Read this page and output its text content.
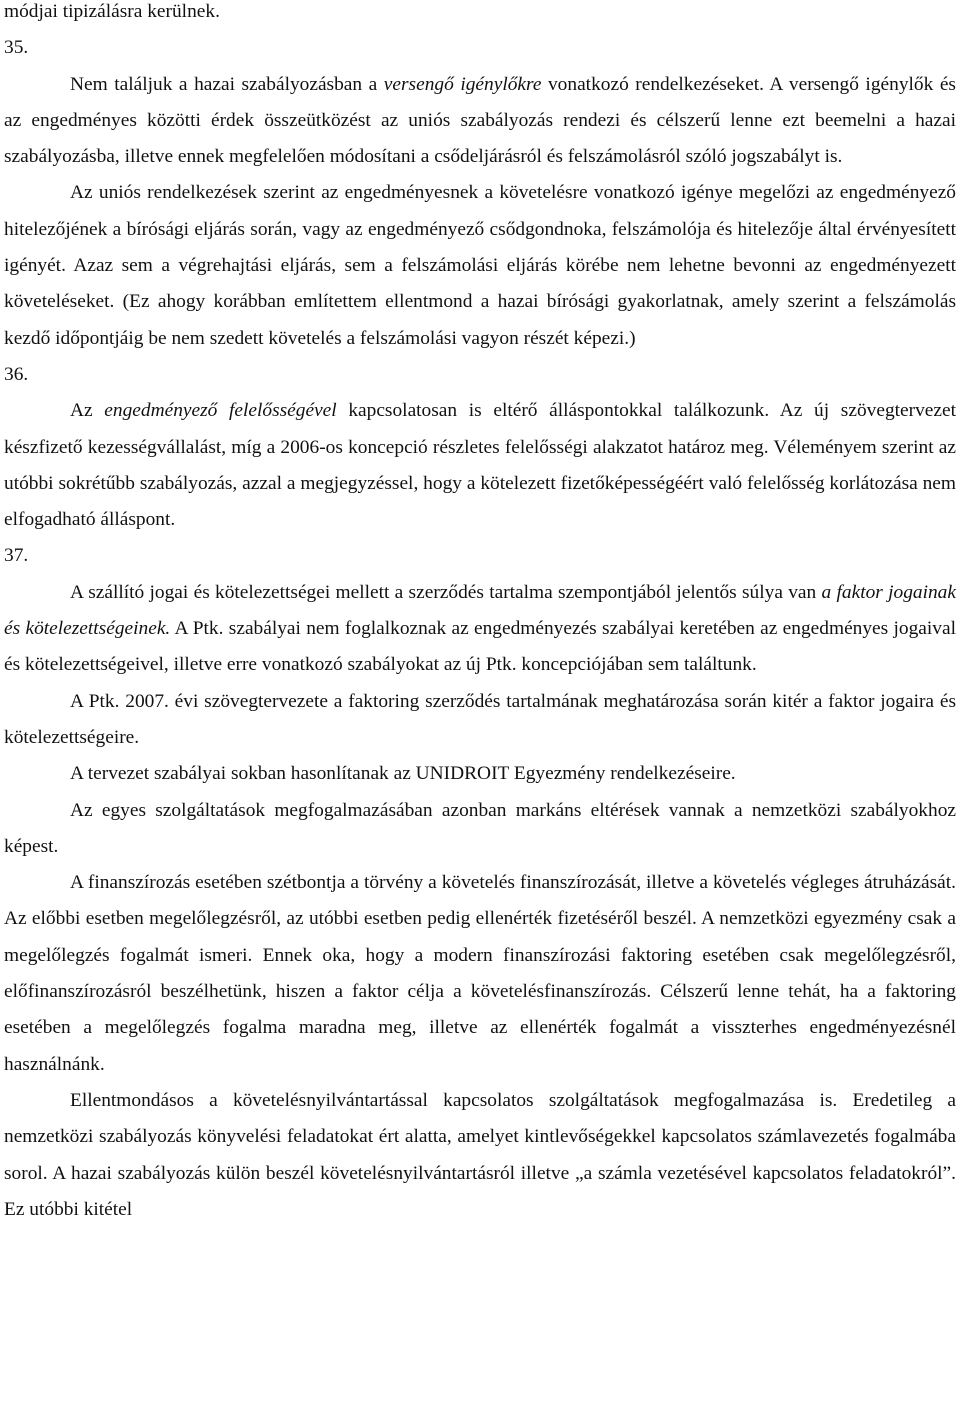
módjai tipizálásra kerülnek.

35.

Nem találjuk a hazai szabályozásban a versengő igénylőkre vonatkozó rendelkezéseket. A versengő igénylők és az engedményes közötti érdek összeütközést az uniós szabályozás rendezi és célszerű lenne ezt beemelni a hazai szabályozásba, illetve ennek megfelelően módosítani a csődeljárásról és felszámolásról szóló jogszabályt is.

Az uniós rendelkezések szerint az engedményesnek a követelésre vonatkozó igénye megelőzi az engedményező hitelezőjének a bírósági eljárás során, vagy az engedményező csődgondnoka, felszámolója és hitelezője által érvényesített igényét. Azaz sem a végrehajtási eljárás, sem a felszámolási eljárás körébe nem lehetne bevonni az engedményezett követeléseket. (Ez ahogy korábban említettem ellentmond a hazai bírósági gyakorlatnak, amely szerint a felszámolás kezdő időpontjáig be nem szedett követelés a felszámolási vagyon részét képezi.)

36.

Az engedményező felelősségével kapcsolatosan is eltérő álláspontokkal találkozunk. Az új szövegtervezet készfizető kezességvállalást, míg a 2006-os koncepció részletes felelősségi alakzatot határoz meg. Véleményem szerint az utóbbi sokrétűbb szabályozás, azzal a megjegyzéssel, hogy a kötelezett fizetőképességéért való felelősség korlátozása nem elfogadható álláspont.

37.

A szállító jogai és kötelezettségei mellett a szerződés tartalma szempontjából jelentős súlya van a faktor jogainak és kötelezettségeinek. A Ptk. szabályai nem foglalkoznak az engedményezés szabályai keretében az engedményes jogaival és kötelezettségeivel, illetve erre vonatkozó szabályokat az új Ptk. koncepciójában sem találtunk.

A Ptk. 2007. évi szövegtervezete a faktoring szerződés tartalmának meghatározása során kitér a faktor jogaira és kötelezettségeire.

A tervezet szabályai sokban hasonlítanak az UNIDROIT Egyezmény rendelkezéseire.

Az egyes szolgáltatások megfogalmazásában azonban markáns eltérések vannak a nemzetközi szabályokhoz képest.

A finanszírozás esetében szétbontja a törvény a követelés finanszírozását, illetve a követelés végleges átruházását. Az előbbi esetben megelőlegzésről, az utóbbi esetben pedig ellenérték fizetéséről beszél. A nemzetközi egyezmény csak a megelőlegzés fogalmát ismeri. Ennek oka, hogy a modern finanszírozási faktoring esetében csak megelőlegzésről, előfinanszírozásról beszélhetünk, hiszen a faktor célja a követelésfinanszírozás. Célszerű lenne tehát, ha a faktoring esetében a megelőlegzés fogalma maradna meg, illetve az ellenérték fogalmát a visszterhes engedményezésnél használnánk.

Ellentmondásos a követelésnyilvántartással kapcsolatos szolgáltatások megfogalmazása is. Eredetileg a nemzetközi szabályozás könyvelési feladatokat ért alatta, amelyet kintlevőségekkel kapcsolatos számlavezetés fogalmába sorol. A hazai szabályozás külön beszél követelésnyilvántartásról illetve „a számla vezetésével kapcsolatos feladatokról”. Ez utóbbi kitétel
